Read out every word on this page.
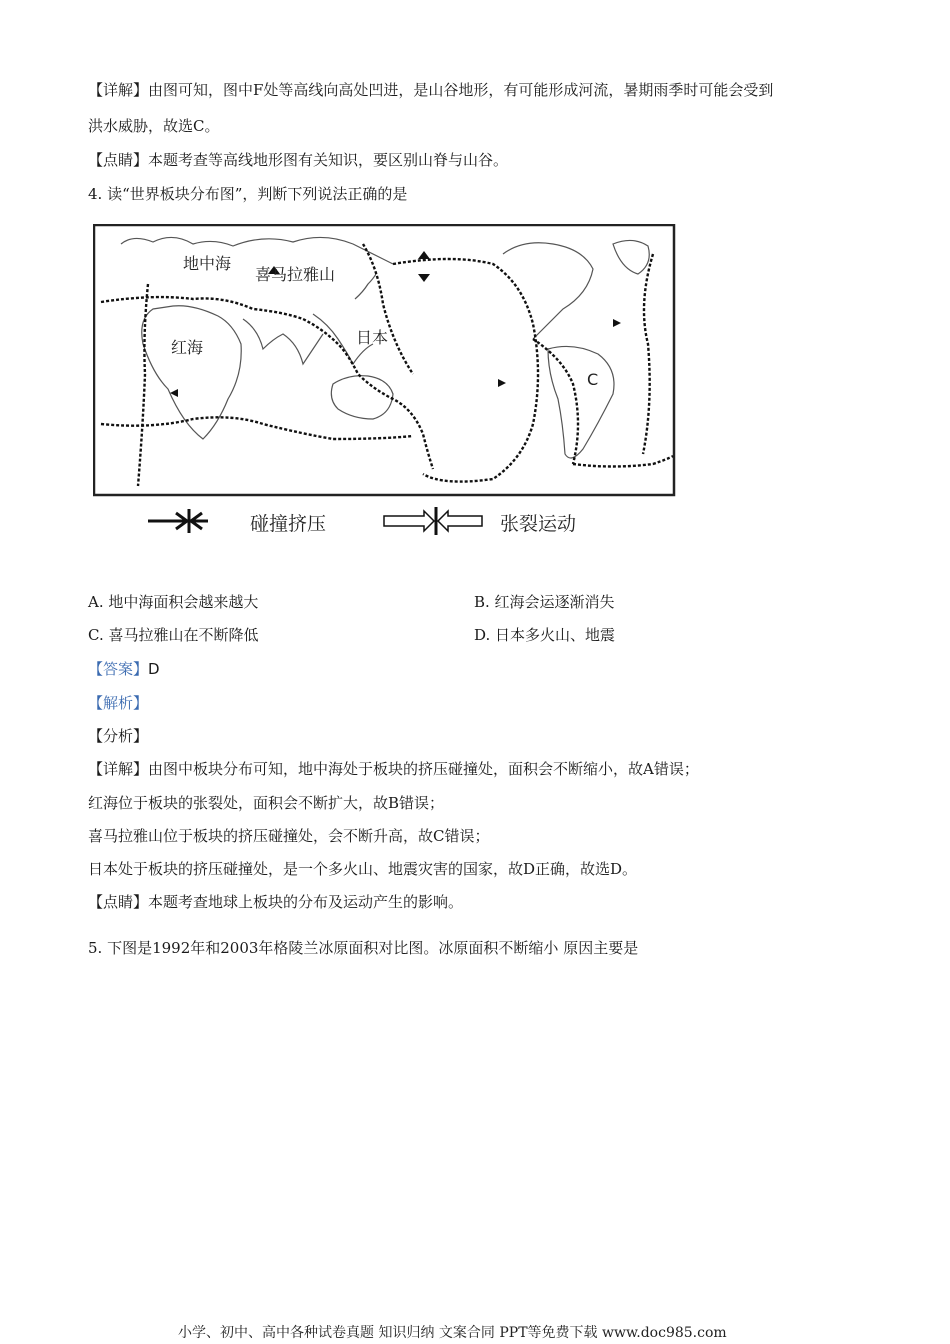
【详解】由图可知，图中F处等高线向高处凹进，是山谷地形，有可能形成河流，暑期雨季时可能会受到
洪水威胁，故选C。
【点睛】本题考查等高线地形图有关知识，要区别山脊与山谷。
4. 读“世界板块分布图”，判断下列说法正确的是
地中海
喜马拉雅山
红海
日本
C
碰撞挤压	张裂运动
A. 地中海面积会越来越大	B. 红海会运逐渐消失
C. 喜马拉雅山在不断降低	D. 日本多火山、地震
【答案】D
【解析】
【分析】
【详解】由图中板块分布可知，地中海处于板块的挤压碰撞处，面积会不断缩小，故A错误；
红海位于板块的张裂处，面积会不断扩大，故B错误；
喜马拉雅山位于板块的挤压碰撞处，会不断升高，故C错误；
日本处于板块的挤压碰撞处，是一个多火山、地震灾害的国家，故D正确，故选D。
【点睛】本题考查地球上板块的分布及运动产生的影响。
5. 下图是1992年和2003年格陵兰冰原面积对比图。冰原面积不断缩小 原因主要是
小学、初中、高中各种试卷真题 知识归纳 文案合同 PPT等免费下载 www.doc985.com
